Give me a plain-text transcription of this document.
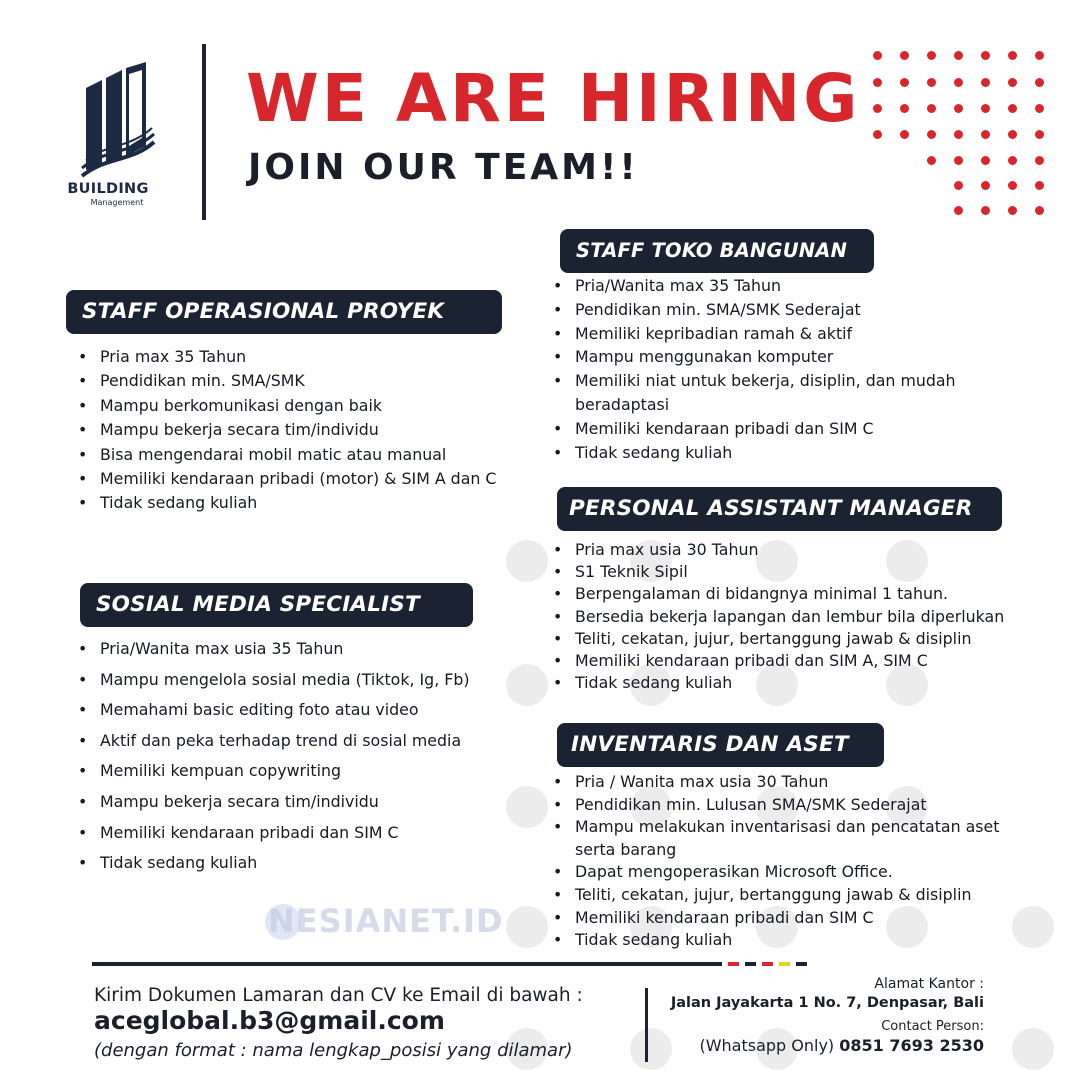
BUILDING
Management
WE ARE HIRING
JOIN OUR TEAM!!
STAFF OPERASIONAL PROYEK
• Pria max 35 Tahun
• Pendidikan min. SMA/SMK
• Mampu berkomunikasi dengan baik
• Mampu bekerja secara tim/individu
• Bisa mengendarai mobil matic atau manual
• Memiliki kendaraan pribadi (motor) & SIM A dan C
• Tidak sedang kuliah
SOSIAL MEDIA SPECIALIST
• Pria/Wanita max usia 35 Tahun
• Mampu mengelola sosial media (Tiktok, Ig, Fb)
• Memahami basic editing foto atau video
• Aktif dan peka terhadap trend di sosial media
• Memiliki kempuan copywriting
• Mampu bekerja secara tim/individu
• Memiliki kendaraan pribadi dan SIM C
• Tidak sedang kuliah
STAFF TOKO BANGUNAN
• Pria/Wanita max 35 Tahun
• Pendidikan min. SMA/SMK Sederajat
• Memiliki kepribadian ramah & aktif
• Mampu menggunakan komputer
• Memiliki niat untuk bekerja, disiplin, dan mudah beradaptasi
• Memiliki kendaraan pribadi dan SIM C
• Tidak sedang kuliah
PERSONAL ASSISTANT MANAGER
• Pria max usia 30 Tahun
• S1 Teknik Sipil
• Berpengalaman di bidangnya minimal 1 tahun.
• Bersedia bekerja lapangan dan lembur bila diperlukan
• Teliti, cekatan, jujur, bertanggung jawab & disiplin
• Memiliki kendaraan pribadi dan SIM A, SIM C
• Tidak sedang kuliah
INVENTARIS DAN ASET
• Pria / Wanita max usia 30 Tahun
• Pendidikan min. Lulusan SMA/SMK Sederajat
• Mampu melakukan inventarisasi dan pencatatan aset serta barang
• Dapat mengoperasikan Microsoft Office.
• Teliti, cekatan, jujur, bertanggung jawab & disiplin
• Memiliki kendaraan pribadi dan SIM C
• Tidak sedang kuliah
NESIANET.ID
Kirim Dokumen Lamaran dan CV ke Email di bawah :
aceglobal.b3@gmail.com
(dengan format : nama lengkap_posisi yang dilamar)
Alamat Kantor :
Jalan Jayakarta 1 No. 7, Denpasar, Bali
Contact Person:
(Whatsapp Only) 0851 7693 2530
